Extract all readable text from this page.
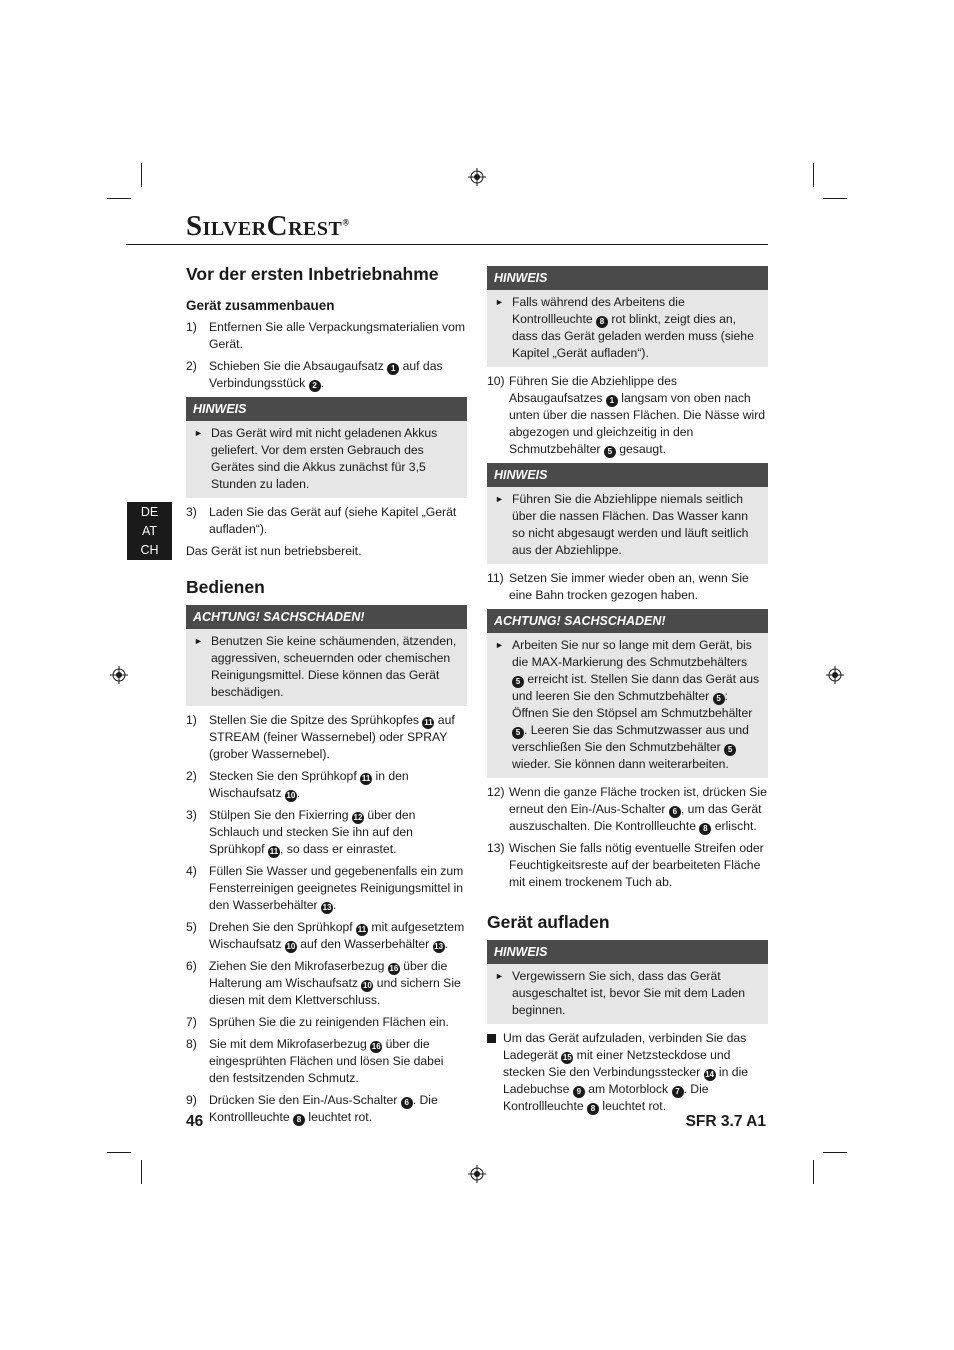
SILVERCREST®
DE
AT
CH
Vor der ersten Inbetriebnahme
Gerät zusammenbauen
1) Entfernen Sie alle Verpackungsmaterialien vom Gerät.
2) Schieben Sie die Absaugaufsatz 1 auf das Verbindungsstück 2 .
HINWEIS
► Das Gerät wird mit nicht geladenen Akkus geliefert. Vor dem ersten Gebrauch des Gerätes sind die Akkus zunächst für 3,5 Stunden zu laden.
3) Laden Sie das Gerät auf (siehe Kapitel „Gerät aufladen“).
Das Gerät ist nun betriebsbereit.
Bedienen
ACHTUNG! SACHSCHADEN!
► Benutzen Sie keine schäumenden, ätzenden, aggressiven, scheuernden oder chemischen Reinigungsmittel. Diese können das Gerät beschädigen.
1) Stellen Sie die Spitze des Sprühkopfes 11 auf STREAM (feiner Wassernebel) oder SPRAY (grober Wassernebel).
2) Stecken Sie den Sprühkopf 11 in den Wischaufsatz 10 .
3) Stülpen Sie den Fixierring 12 über den Schlauch und stecken Sie ihn auf den Sprühkopf 11 , so dass er einrastet.
4) Füllen Sie Wasser und gegebenenfalls ein zum Fensterreinigen geeignetes Reinigungsmittel in den Wasserbehälter 13 .
5) Drehen Sie den Sprühkopf 11 mit aufgesetztem Wischaufsatz 10 auf den Wasserbehälter 13 .
6) Ziehen Sie den Mikrofaserbezug 16 über die Halterung am Wischaufsatz 10 und sichern Sie diesen mit dem Klettverschluss.
7) Sprühen Sie die zu reinigenden Flächen ein.
8) Sie mit dem Mikrofaserbezug 16 über die eingesprühten Flächen und lösen Sie dabei den festsitzenden Schmutz.
9) Drücken Sie den Ein-/Aus-Schalter 6 . Die Kontrollleuchte 8 leuchtet rot.
HINWEIS
► Falls während des Arbeitens die Kontrollleuchte 8 rot blinkt, zeigt dies an, dass das Gerät geladen werden muss (siehe Kapitel „Gerät aufladen“).
10) Führen Sie die Abziehlippe des Absaugaufsatzes 1 langsam von oben nach unten über die nassen Flächen. Die Nässe wird abgezogen und gleichzeitig in den Schmutzbehälter 5 gesaugt.
HINWEIS
► Führen Sie die Abziehlippe niemals seitlich über die nassen Flächen. Das Wasser kann so nicht abgesaugt werden und läuft seitlich aus der Abziehlippe.
11) Setzen Sie immer wieder oben an, wenn Sie eine Bahn trocken gezogen haben.
ACHTUNG! SACHSCHADEN!
► Arbeiten Sie nur so lange mit dem Gerät, bis die MAX-Markierung des Schmutzbehälters 5 erreicht ist. Stellen Sie dann das Gerät aus und leeren Sie den Schmutzbehälter 5 : Öffnen Sie den Stöpsel am Schmutzbehälter 5 . Leeren Sie das Schmutzwasser aus und verschließen Sie den Schmutzbehälter 5 wieder. Sie können dann weiterarbeiten.
12) Wenn die ganze Fläche trocken ist, drücken Sie erneut den Ein-/Aus-Schalter 6 , um das Gerät auszuschalten. Die Kontrollleuchte 8 erlischt.
13) Wischen Sie falls nötig eventuelle Streifen oder Feuchtigkeitsreste auf der bearbeiteten Fläche mit einem trockenem Tuch ab.
Gerät aufladen
HINWEIS
► Vergewissern Sie sich, dass das Gerät ausgeschaltet ist, bevor Sie mit dem Laden beginnen.
Um das Gerät aufzuladen, verbinden Sie das Ladegerät 15 mit einer Netzsteckdose und stecken Sie den Verbindungsstecker 14 in die Ladebuchse 9 am Motorblock 7 . Die Kontrollleuchte 8 leuchtet rot.
46	SFR 3.7 A1
